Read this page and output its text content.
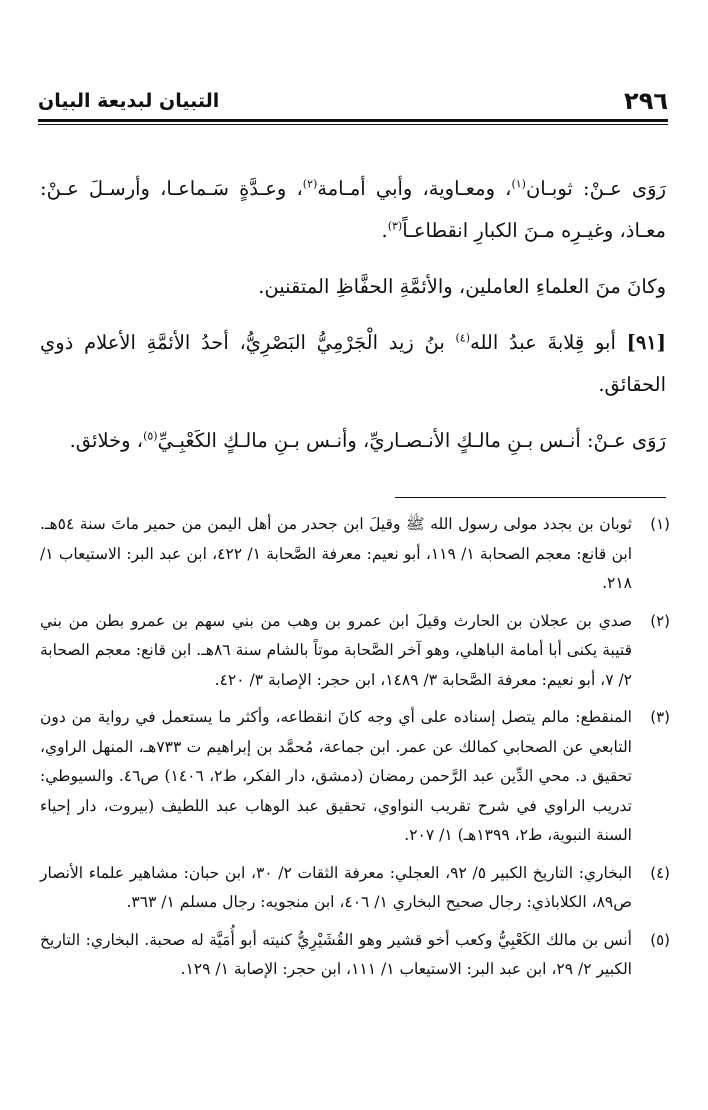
٢٩٦
التبيان لبديعة البيان

رَوَى عـنْ: ثوبـان$^{(١)}$، ومعـاوية، وأبي أمـامة$^{(٢)}$، وعـدَّةٍ سَـماعـا، وأرسـلَ عـنْ: معـاذ، وغيـرِه مـنَ الكبارِ انقطاعـاً$^{(٣)}$.

وكانَ منَ العلماءِ العاملين، والأئمَّةِ الحفَّاظِ المتقنين.

[٩١] أبو قِلابةَ عبدُ الله$^{(٤)}$ بنُ زيد الْجَرْمِيُّ البَصْرِيُّ، أحدُ الأئمَّةِ الأعلام ذوي الحقائق.

رَوَى عـنْ: أنـس بـنِ مالـكٍ الأنـصـاريِّ، وأنـس بـنِ مالـكٍ الكَعْبِـيِّ$^{(٥)}$، وخلائق.

(١)
ثوبان بن بجدد مولى رسول الله ﷺ وقيلَ ابن جحدر من أهل اليمن من حمير ماتَ سنة ٥٤هـ. ابن قانع: معجم الصحابة ١/ ١١٩، أبو نعيم: معرفة الصَّحابة ١/ ٤٢٢، ابن عبد البر: الاستيعاب ١/ ٢١٨.
(٢)
صدي بن عجلان بن الحارث وقيلَ ابن عمرو بن وهب من بني سهم بن عمرو بطن من بني قتيبة يكنى أبا أمامة الباهلي، وهو آخر الصَّحابة موتاً بالشام سنة ٨٦هـ. ابن قانع: معجم الصحابة ٢/ ٧، أبو نعيم: معرفة الصَّحابة ٣/ ١٤٨٩، ابن حجر: الإصابة ٣/ ٤٢٠.
(٣)
المنقطع: مالم يتصل إسناده على أي وجه كانَ انقطاعه، وأكثر ما يستعمل في رواية من دون التابعي عن الصحابي كمالك عن عمر. ابن جماعة، مُحمَّد بن إبراهيم ت ٧٣٣هـ، المنهل الراوي، تحقيق د. محي الدِّين عبد الرَّحمن رمضان (دمشق، دار الفكر، ط٢، ١٤٠٦) ص٤٦. والسيوطي: تدريب الراوي في شرح تقريب النواوي، تحقيق عبد الوهاب عبد اللطيف (بيروت، دار إحياء السنة النبوية، ط٢، ١٣٩٩هـ) ١/ ٢٠٧.
(٤)
البخاري: التاريخ الكبير ٥/ ٩٢، العجلي: معرفة الثقات ٢/ ٣٠، ابن حبان: مشاهير علماء الأنصار ص٨٩، الكلاباذي: رجال صحيح البخاري ١/ ٤٠٦، ابن منجويه: رجال مسلم ١/ ٣٦٣.
(٥)
أنس بن مالك الكَعْبِيُّ وكعب أخو قشير وهو القُشَيْرِيُّ كنيته أبو أُمَيَّة له صحبة. البخاري: التاريخ الكبير ٢/ ٢٩، ابن عبد البر: الاستيعاب ١/ ١١١، ابن حجر: الإصابة ١/ ١٢٩.
